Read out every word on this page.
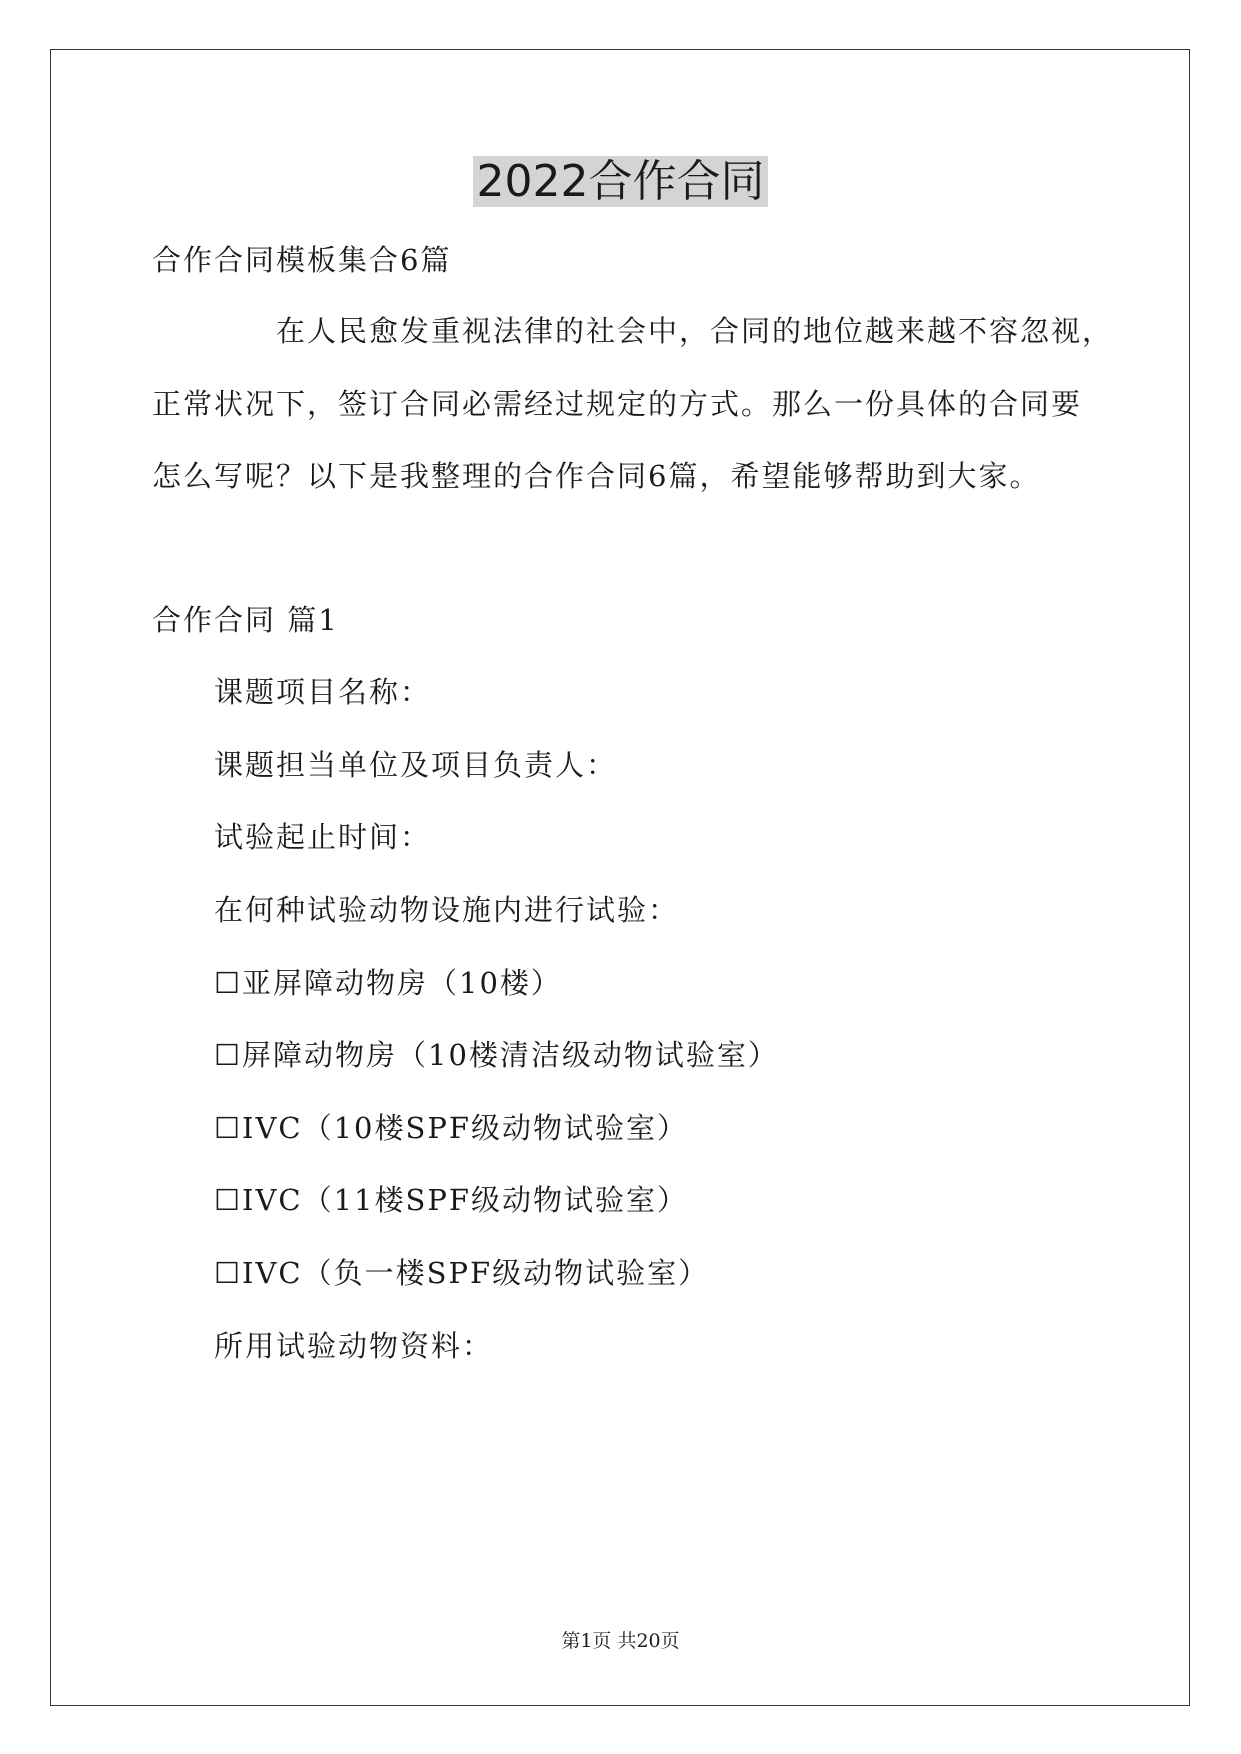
2022合作合同

合作合同模板集合6篇

在人民愈发重视法律的社会中，合同的地位越来越不容忽视，

正常状况下，签订合同必需经过规定的方式。那么一份具体的合同要

怎么写呢？以下是我整理的合作合同6篇，希望能够帮助到大家。

合作合同 篇1

课题项目名称：

课题担当单位及项目负责人：

试验起止时间：

在何种试验动物设施内进行试验：

☐亚屏障动物房（10楼）

☐屏障动物房（10楼清洁级动物试验室）

☐IVC（10楼SPF级动物试验室）

☐IVC（11楼SPF级动物试验室）

☐IVC（负一楼SPF级动物试验室）

所用试验动物资料：

第1页 共20页
